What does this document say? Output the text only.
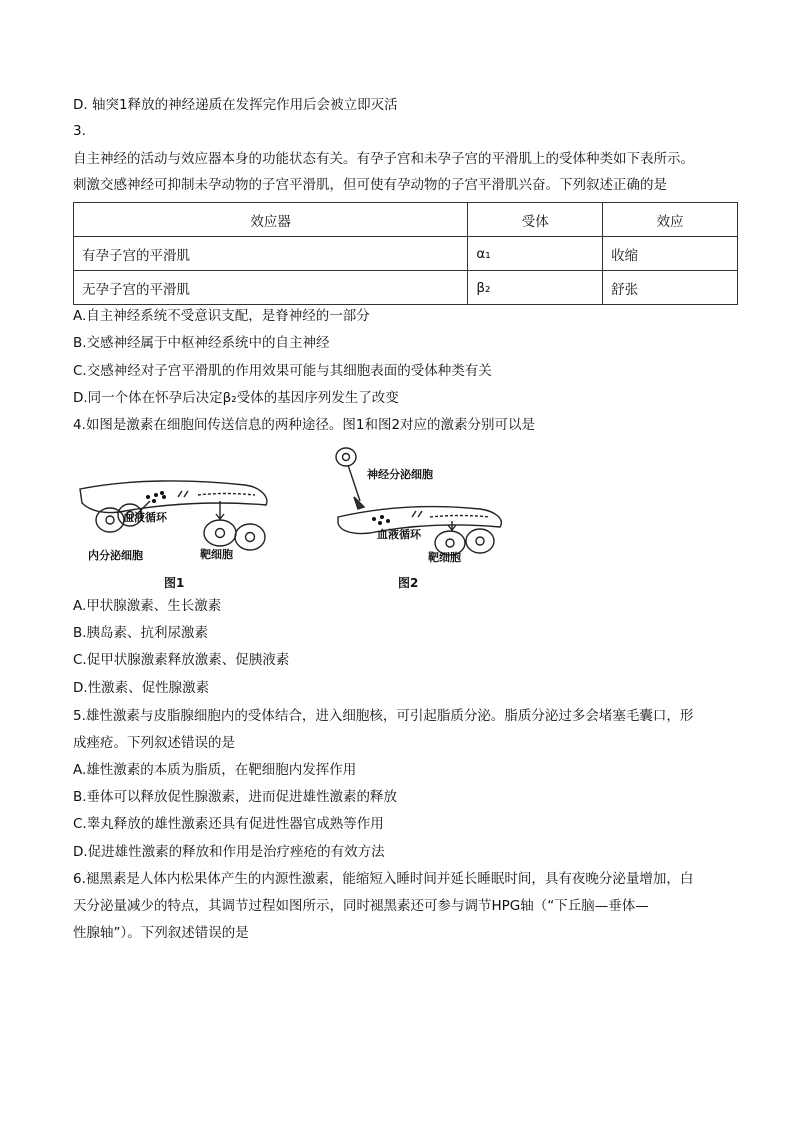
D. 轴突1释放的神经递质在发挥完作用后会被立即灭活
3.
自主神经的活动与效应器本身的功能状态有关。有孕子宫和未孕子宫的平滑肌上的受体种类如下表所示。
刺激交感神经可抑制未孕动物的子宫平滑肌，但可使有孕动物的子宫平滑肌兴奋。下列叙述正确的是
效应器	受体	效应
有孕子宫的平滑肌	α₁	收缩
无孕子宫的平滑肌	β₂	舒张
A.自主神经系统不受意识支配，是脊神经的一部分
B.交感神经属于中枢神经系统中的自主神经
C.交感神经对子宫平滑肌的作用效果可能与其细胞表面的受体种类有关
D.同一个体在怀孕后决定β₂受体的基因序列发生了改变
4.如图是激素在细胞间传送信息的两种途径。图1和图2对应的激素分别可以是
血液循环
内分泌细胞	靶细胞
图1
神经分泌细胞
血液循环
靶细胞
图2
A.甲状腺激素、生长激素
B.胰岛素、抗利尿激素
C.促甲状腺激素释放激素、促胰液素
D.性激素、促性腺激素
5.雄性激素与皮脂腺细胞内的受体结合，进入细胞核，可引起脂质分泌。脂质分泌过多会堵塞毛囊口，形
成痤疮。下列叙述错误的是
A.雄性激素的本质为脂质，在靶细胞内发挥作用
B.垂体可以释放促性腺激素，进而促进雄性激素的释放
C.睾丸释放的雄性激素还具有促进性器官成熟等作用
D.促进雄性激素的释放和作用是治疗痤疮的有效方法
6.褪黑素是人体内松果体产生的内源性激素，能缩短入睡时间并延长睡眠时间，具有夜晚分泌量增加，白
天分泌量减少的特点，其调节过程如图所示，同时褪黑素还可参与调节HPG轴（“下丘脑—垂体—
性腺轴”）。下列叙述错误的是
